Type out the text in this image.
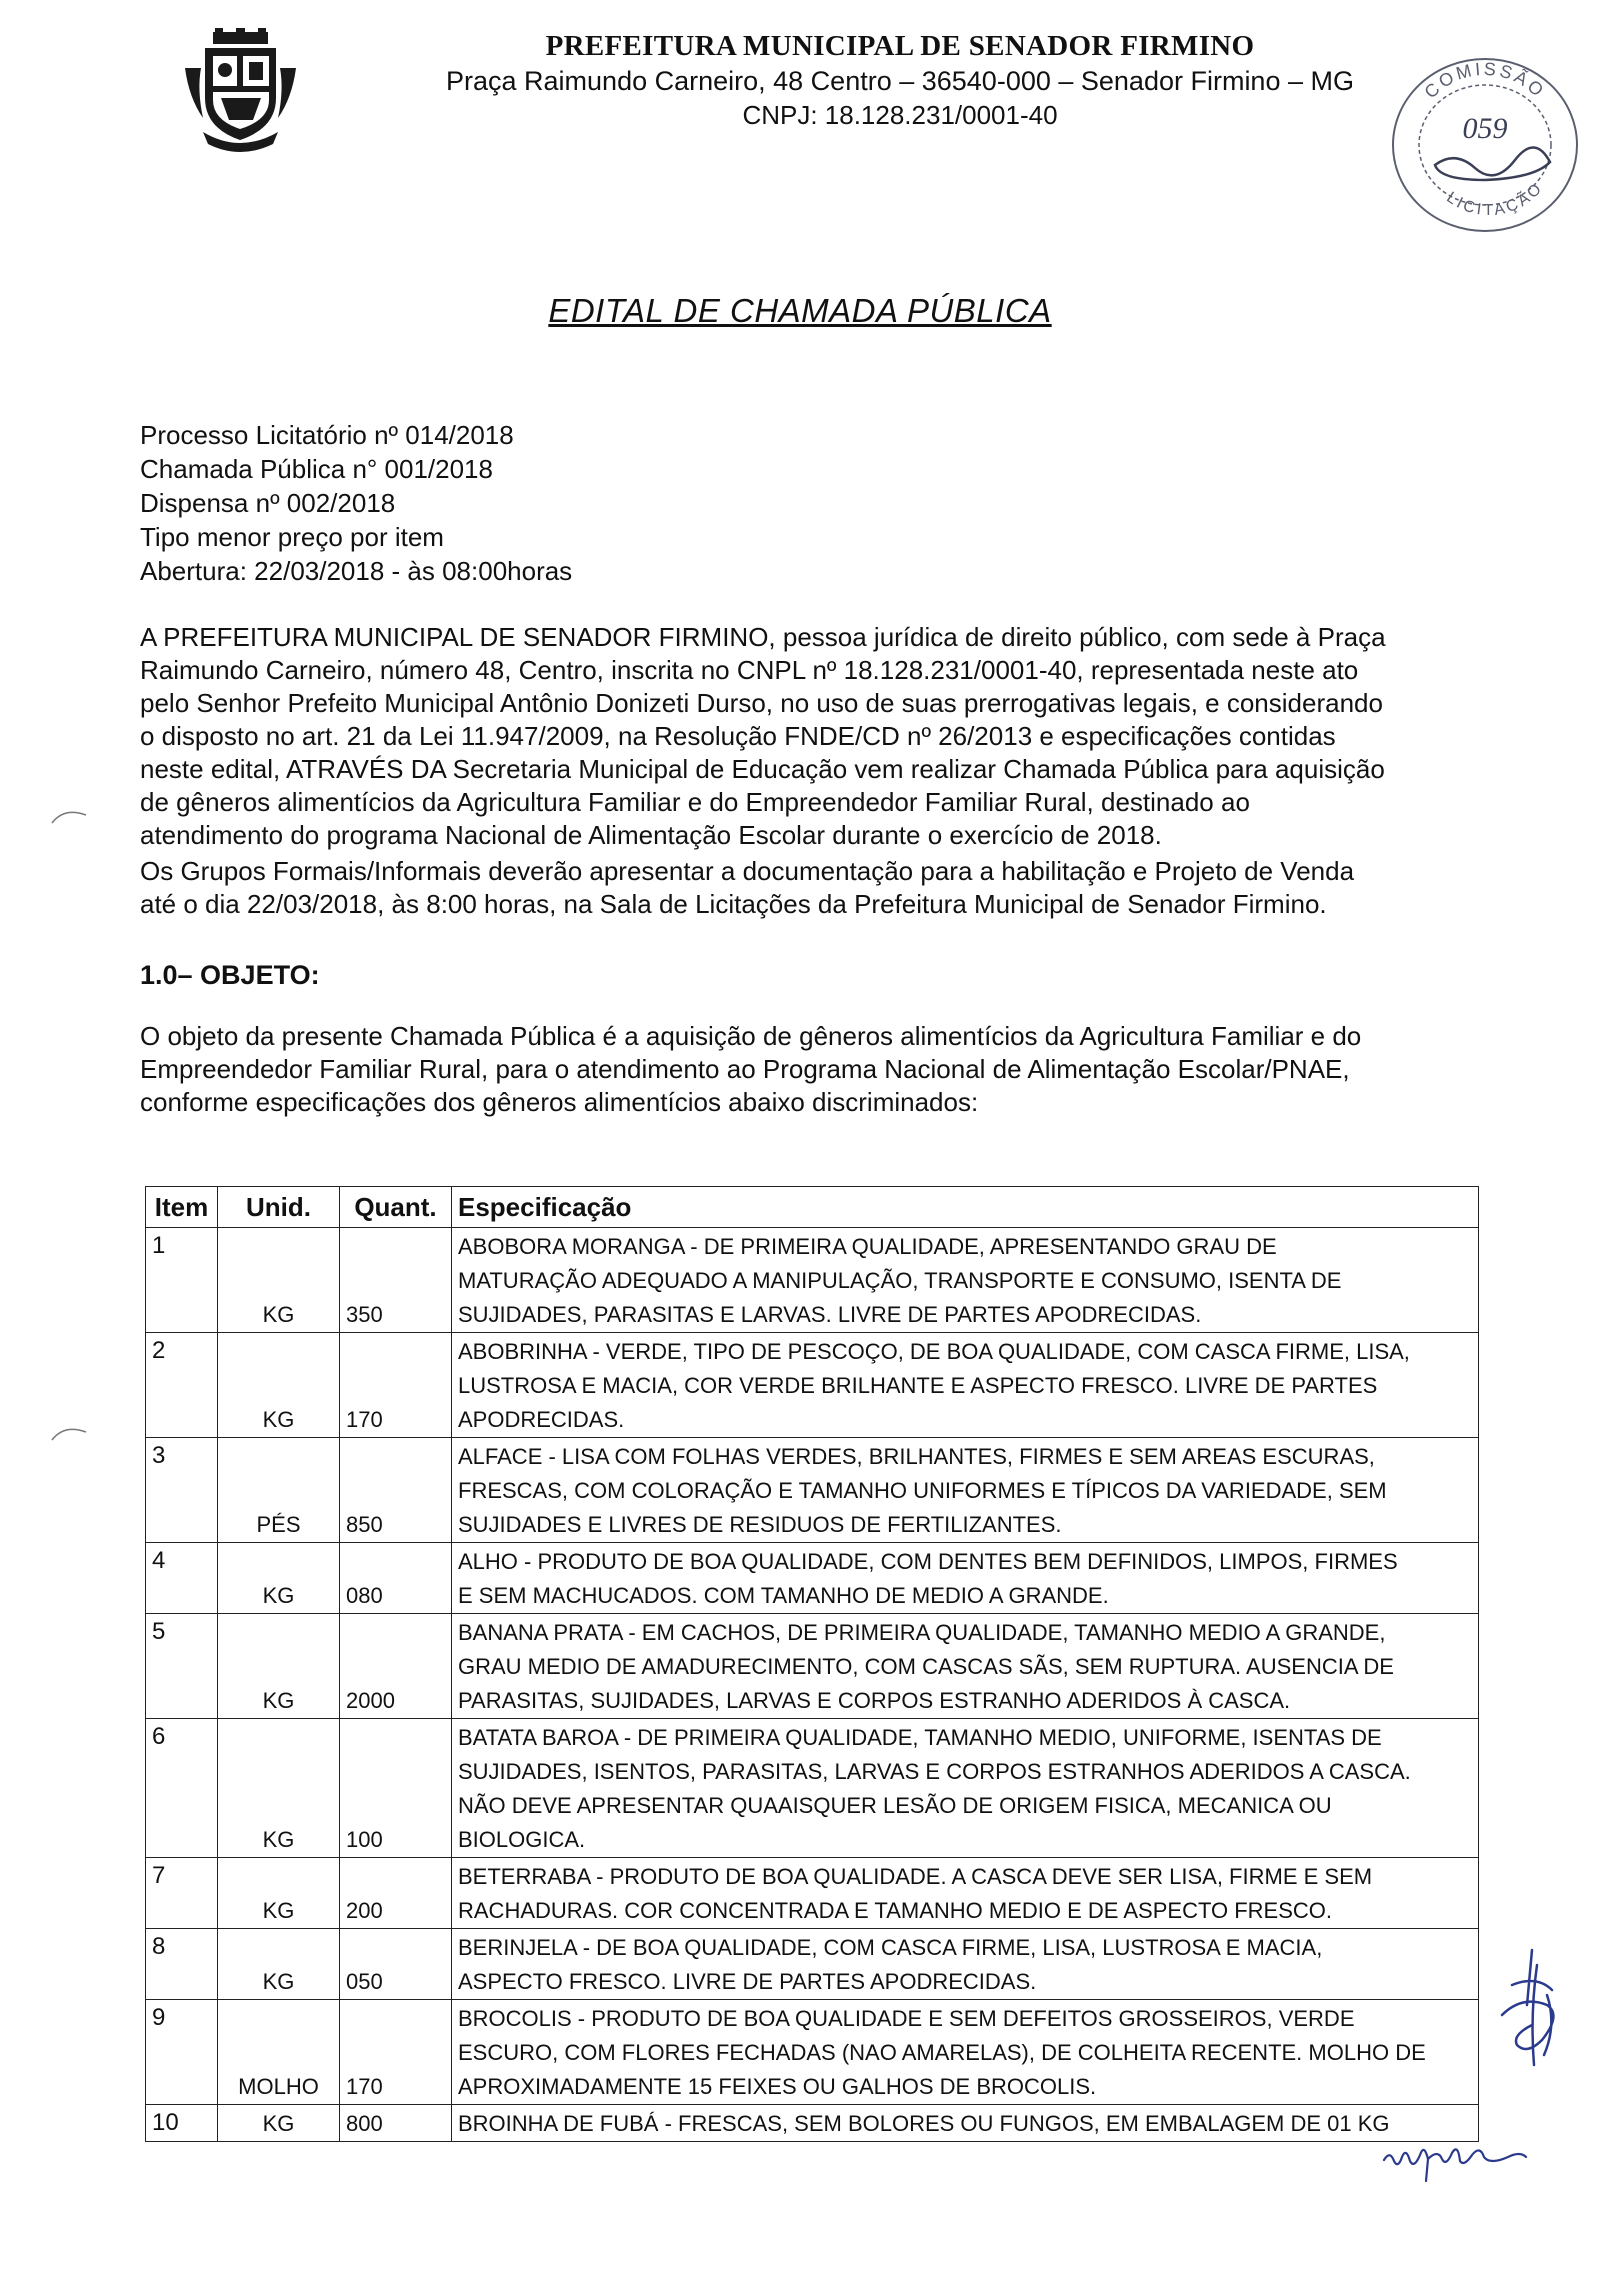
PREFEITURA MUNICIPAL DE SENADOR FIRMINO
Praça Raimundo Carneiro, 48 Centro – 36540-000 – Senador Firmino – MG
CNPJ: 18.128.231/0001-40
COMISSÃO
059
LICITAÇÃO
EDITAL DE CHAMADA PÚBLICA
Processo Licitatório nº 014/2018
Chamada Pública n° 001/2018
Dispensa nº 002/2018
Tipo menor preço por item
Abertura: 22/03/2018 - às 08:00horas
A PREFEITURA MUNICIPAL DE SENADOR FIRMINO, pessoa jurídica de direito público, com sede à Praça
Raimundo Carneiro, número 48, Centro, inscrita no CNPL nº 18.128.231/0001-40, representada neste ato
pelo Senhor Prefeito Municipal Antônio Donizeti Durso, no uso de suas prerrogativas legais, e considerando
o disposto no art. 21 da Lei 11.947/2009, na Resolução FNDE/CD nº 26/2013 e especificações contidas
neste edital, ATRAVÉS DA Secretaria Municipal de Educação vem realizar Chamada Pública para aquisição
de gêneros alimentícios da Agricultura Familiar e do Empreendedor Familiar Rural, destinado ao
atendimento do programa Nacional de Alimentação Escolar durante o exercício de 2018.
Os Grupos Formais/Informais deverão apresentar a documentação para a habilitação e Projeto de Venda
até o dia 22/03/2018, às 8:00 horas, na Sala de Licitações da Prefeitura Municipal de Senador Firmino.
1.0– OBJETO:
O objeto da presente Chamada Pública é a aquisição de gêneros alimentícios da Agricultura Familiar e do
Empreendedor Familiar Rural, para o atendimento ao Programa Nacional de Alimentação Escolar/PNAE,
conforme especificações dos gêneros alimentícios abaixo discriminados:
Item	Unid.	Quant.	Especificação
1	KG	350	ABOBORA MORANGA - DE PRIMEIRA QUALIDADE, APRESENTANDO GRAU DE
MATURAÇÃO ADEQUADO A MANIPULAÇÃO, TRANSPORTE E CONSUMO, ISENTA DE
SUJIDADES, PARASITAS E LARVAS. LIVRE DE PARTES APODRECIDAS.

2	KG	170	ABOBRINHA - VERDE, TIPO DE PESCOÇO, DE BOA QUALIDADE, COM CASCA FIRME, LISA,
LUSTROSA E MACIA, COR VERDE BRILHANTE E ASPECTO FRESCO. LIVRE DE PARTES
APODRECIDAS.

3	PÉS	850	ALFACE - LISA COM FOLHAS VERDES, BRILHANTES, FIRMES E SEM AREAS ESCURAS,
FRESCAS, COM COLORAÇÃO E TAMANHO UNIFORMES E TÍPICOS DA VARIEDADE, SEM
SUJIDADES E LIVRES DE RESIDUOS DE FERTILIZANTES.

4	KG	080	ALHO - PRODUTO DE BOA QUALIDADE, COM DENTES BEM DEFINIDOS, LIMPOS, FIRMES
E SEM MACHUCADOS. COM TAMANHO DE MEDIO A GRANDE.

5	KG	2000	BANANA PRATA - EM CACHOS, DE PRIMEIRA QUALIDADE, TAMANHO MEDIO A GRANDE,
GRAU MEDIO DE AMADURECIMENTO, COM CASCAS SÃS, SEM RUPTURA. AUSENCIA DE
PARASITAS, SUJIDADES, LARVAS E CORPOS ESTRANHO ADERIDOS À CASCA.

6	KG	100	BATATA BAROA - DE PRIMEIRA QUALIDADE, TAMANHO MEDIO, UNIFORME, ISENTAS DE
SUJIDADES, ISENTOS, PARASITAS, LARVAS E CORPOS ESTRANHOS ADERIDOS A CASCA.
NÃO DEVE APRESENTAR QUAAISQUER LESÃO DE ORIGEM FISICA, MECANICA OU
BIOLOGICA.

7	KG	200	BETERRABA - PRODUTO DE BOA QUALIDADE. A CASCA DEVE SER LISA, FIRME E SEM
RACHADURAS. COR CONCENTRADA E TAMANHO MEDIO E DE ASPECTO FRESCO.

8	KG	050	BERINJELA - DE BOA QUALIDADE, COM CASCA FIRME, LISA, LUSTROSA E MACIA,
ASPECTO FRESCO. LIVRE DE PARTES APODRECIDAS.

9	MOLHO	170	BROCOLIS - PRODUTO DE BOA QUALIDADE E SEM DEFEITOS GROSSEIROS, VERDE
ESCURO, COM FLORES FECHADAS (NAO AMARELAS), DE COLHEITA RECENTE. MOLHO DE
APROXIMADAMENTE 15 FEIXES OU GALHOS DE BROCOLIS.

10	KG	800	BROINHA DE FUBÁ - FRESCAS, SEM BOLORES OU FUNGOS, EM EMBALAGEM DE 01 KG
